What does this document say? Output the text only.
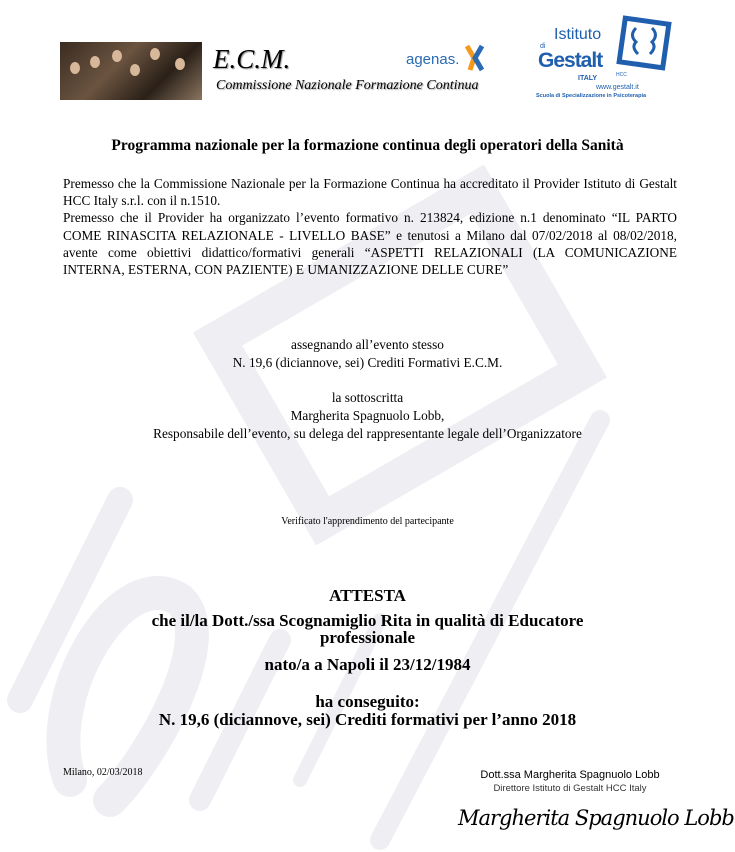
E.C.M.
Commissione Nazionale Formazione Continua
agenas.
Istituto
di
Gestalt
HCC
ITALY
www.gestalt.it
Scuola di Specializzazione in Psicoterapia
Programma nazionale per la formazione continua degli operatori della Sanità

Premesso che la Commissione Nazionale per la Formazione Continua ha accreditato il Provider Istituto di Gestalt HCC Italy s.r.l. con il n.1510.

Premesso che il Provider ha organizzato l’evento formativo n. 213824, edizione n.1 denominato “IL PARTO COME RINASCITA RELAZIONALE - LIVELLO BASE” e tenutosi a Milano dal 07/02/2018 al 08/02/2018, avente come obiettivi didattico/formativi generali “ASPETTI RELAZIONALI (LA COMUNICAZIONE INTERNA, ESTERNA, CON PAZIENTE) E UMANIZZAZIONE DELLE CURE”

assegnando all’evento stesso
N. 19,6 (diciannove, sei) Crediti Formativi E.C.M.
la sottoscritta
Margherita Spagnuolo Lobb,
Responsabile dell’evento, su delega del rappresentante legale dell’Organizzatore
Verificato l'apprendimento del partecipante
ATTESTA
che il/la Dott./ssa Scognamiglio Rita in qualità di Educatore
professionale
nato/a a Napoli il 23/12/1984
ha conseguito:
N. 19,6 (diciannove, sei) Crediti formativi per l’anno 2018
Milano, 02/03/2018	Dott.ssa Margherita Spagnuolo Lobb
Direttore Istituto di Gestalt HCC Italy
Margherita Spagnuolo Lobb
